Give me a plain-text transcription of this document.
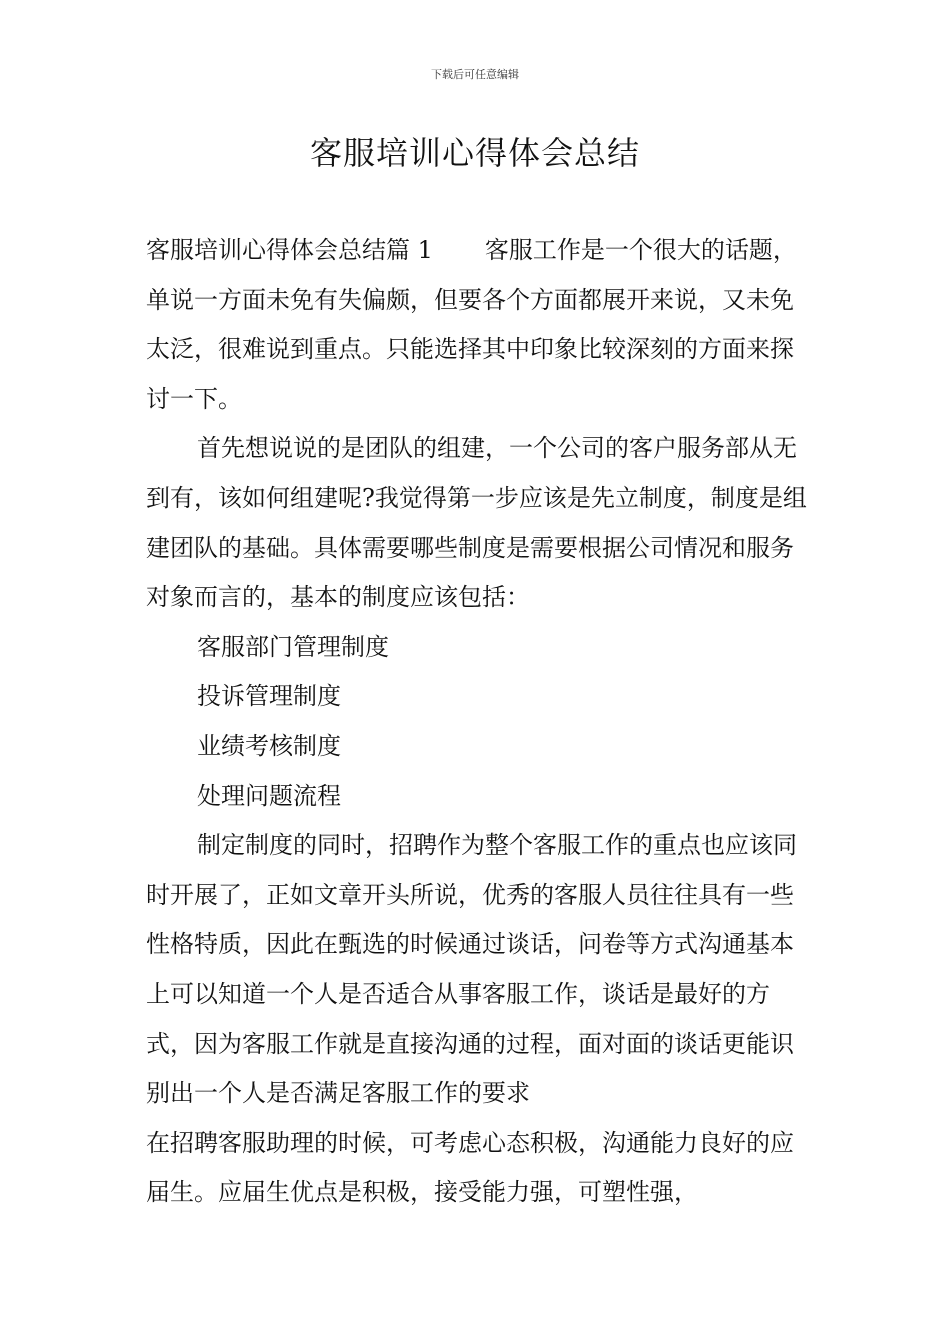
下载后可任意编辑
客服培训心得体会总结

客服培训心得体会总结篇 1 客服工作是一个很大的话题，单说一方面未免有失偏颇，但要各个方面都展开来说，又未免太泛，很难说到重点。只能选择其中印象比较深刻的方面来探讨一下。

首先想说说的是团队的组建，一个公司的客户服务部从无到有，该如何组建呢?我觉得第一步应该是先立制度，制度是组建团队的基础。具体需要哪些制度是需要根据公司情况和服务对象而言的，基本的制度应该包括：

客服部门管理制度

投诉管理制度

业绩考核制度

处理问题流程

制定制度的同时，招聘作为整个客服工作的重点也应该同时开展了，正如文章开头所说，优秀的客服人员往往具有一些性格特质，因此在甄选的时候通过谈话，问卷等方式沟通基本上可以知道一个人是否适合从事客服工作，谈话是最好的方式，因为客服工作就是直接沟通的过程，面对面的谈话更能识别出一个人是否满足客服工作的要求

在招聘客服助理的时候，可考虑心态积极，沟通能力良好的应届生。应届生优点是积极，接受能力强，可塑性强，
